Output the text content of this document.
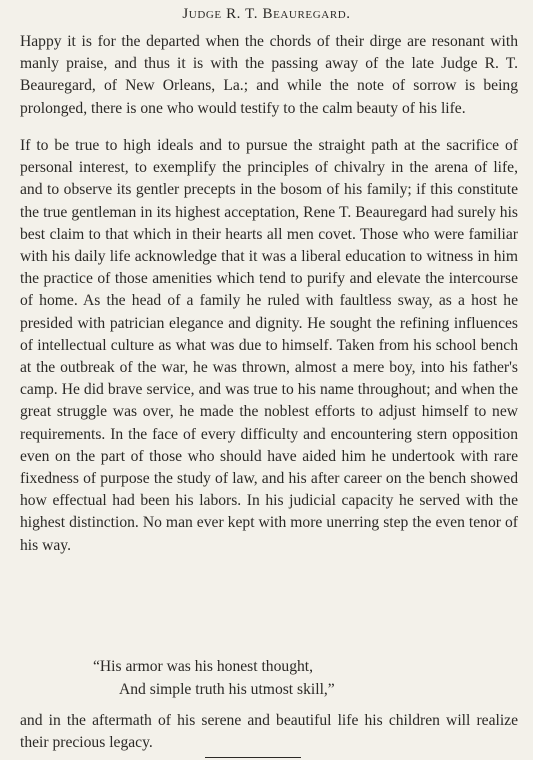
Judge R. T. Beauregard.

Happy it is for the departed when the chords of their dirge are resonant with manly praise, and thus it is with the passing away of the late Judge R. T. Beauregard, of New Orleans, La.; and while the note of sorrow is being prolonged, there is one who would testify to the calm beauty of his life.

If to be true to high ideals and to pursue the straight path at the sacrifice of personal interest, to exemplify the principles of chivalry in the arena of life, and to observe its gentler precepts in the bosom of his family; if this constitute the true gentleman in its highest acceptation, Rene T. Beauregard had surely his best claim to that which in their hearts all men covet. Those who were familiar with his daily life acknowledge that it was a liberal education to witness in him the practice of those amenities which tend to purify and elevate the intercourse of home. As the head of a family he ruled with faultless sway, as a host he presided with patrician elegance and dignity. He sought the refining influences of intellectual culture as what was due to himself. Taken from his school bench at the outbreak of the war, he was thrown, almost a mere boy, into his father's camp. He did brave service, and was true to his name throughout; and when the great struggle was over, he made the noblest efforts to adjust himself to new requirements. In the face of every difficulty and encountering stern opposition even on the part of those who should have aided him he undertook with rare fixedness of purpose the study of law, and his after career on the bench showed how effectual had been his labors. In his judicial capacity he served with the highest distinction. No man ever kept with more unerring step the even tenor of his way.

“His armor was his honest thought,
And simple truth his utmost skill,”

and in the aftermath of his serene and beautiful life his children will realize their precious legacy.
